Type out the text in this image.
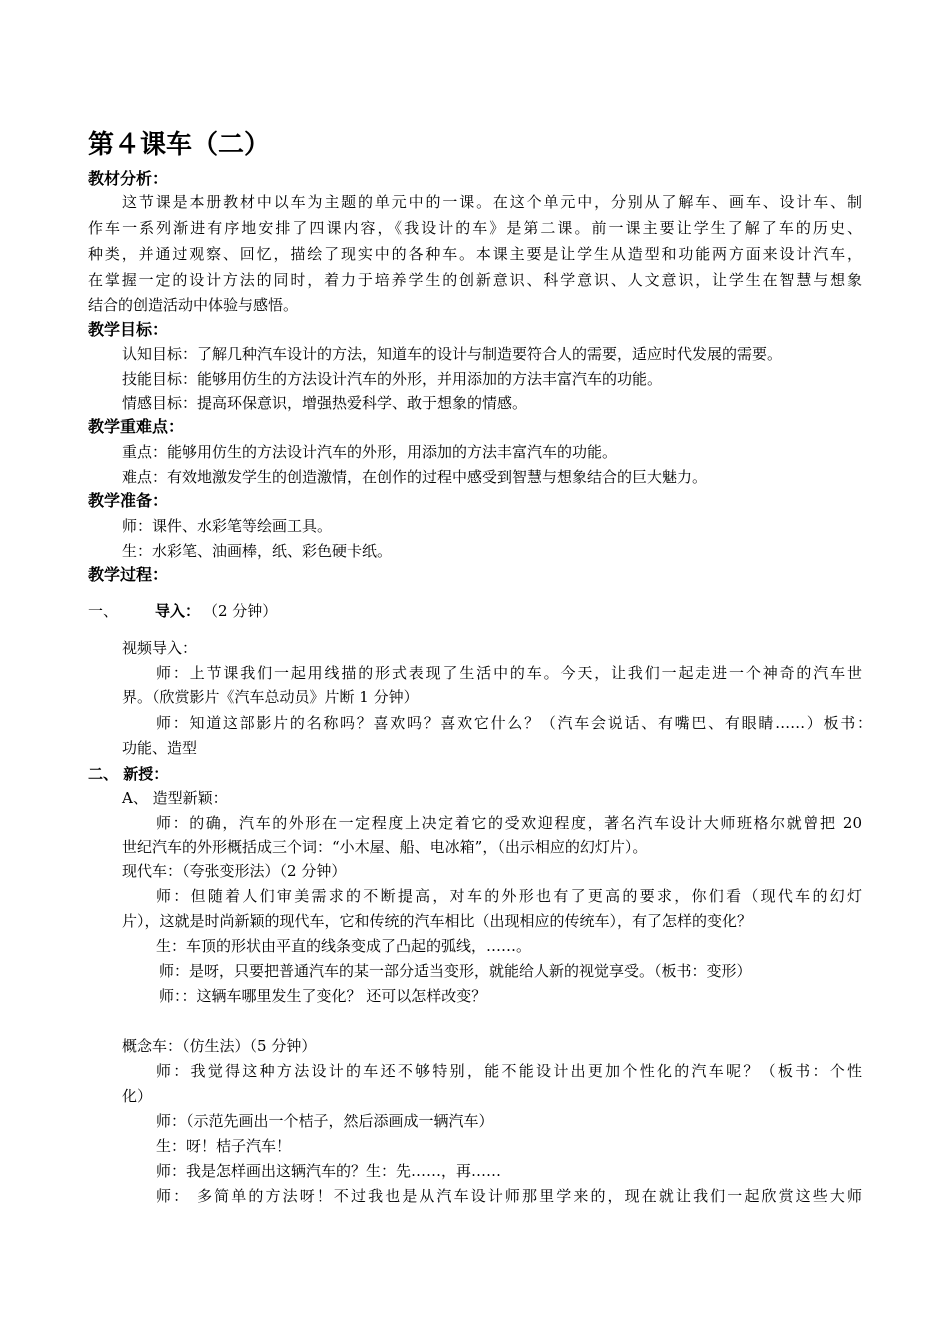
第４课车（二）
教材分析：
这节课是本册教材中以车为主题的单元中的一课。在这个单元中，分别从了解车、画车、设计车、制
作车一系列渐进有序地安排了四课内容，《我设计的车》是第二课。前一课主要让学生了解了车的历史、
种类，并通过观察、回忆，描绘了现实中的各种车。本课主要是让学生从造型和功能两方面来设计汽车，
在掌握一定的设计方法的同时，着力于培养学生的创新意识、科学意识、人文意识，让学生在智慧与想象
结合的创造活动中体验与感悟。
教学目标：
认知目标：了解几种汽车设计的方法，知道车的设计与制造要符合人的需要，适应时代发展的需要。
技能目标：能够用仿生的方法设计汽车的外形，并用添加的方法丰富汽车的功能。
情感目标：提高环保意识，增强热爱科学、敢于想象的情感。
教学重难点：
重点：能够用仿生的方法设计汽车的外形，用添加的方法丰富汽车的功能。
难点：有效地激发学生的创造激情，在创作的过程中感受到智慧与想象结合的巨大魅力。
教学准备：
师：课件、水彩笔等绘画工具。
生：水彩笔、油画棒，纸、彩色硬卡纸。
教学过程：
一、 导入： （2 分钟）
视频导入：
师：上节课我们一起用线描的形式表现了生活中的车。今天，让我们一起走进一个神奇的汽车世
界。（欣赏影片《汽车总动员》片断 1 分钟）
师：知道这部影片的名称吗？喜欢吗？喜欢它什么？（汽车会说话、有嘴巴、有眼睛……）板书：
功能、造型
二、 新授：
A、 造型新颖：
师：的确，汽车的外形在一定程度上决定着它的受欢迎程度，著名汽车设计大师班格尔就曾把 20
世纪汽车的外形概括成三个词：“小木屋、船、电冰箱”，（出示相应的幻灯片）。
现代车：（夸张变形法）（2 分钟）
师：但随着人们审美需求的不断提高，对车的外形也有了更高的要求，你们看（现代车的幻灯
片），这就是时尚新颖的现代车，它和传统的汽车相比（出现相应的传统车），有了怎样的变化？
生：车顶的形状由平直的线条变成了凸起的弧线，……。
师：是呀，只要把普通汽车的某一部分适当变形，就能给人新的视觉享受。（板书：变形）
师：：这辆车哪里发生了变化？ 还可以怎样改变？
概念车：（仿生法）（5 分钟）
师：我觉得这种方法设计的车还不够特别，能不能设计出更加个性化的汽车呢？（板书：个性
化）
师：（示范先画出一个桔子，然后添画成一辆汽车）
生：呀！桔子汽车！
师：我是怎样画出这辆汽车的？生：先……，再……
师： 多简单的方法呀！不过我也是从汽车设计师那里学来的，现在就让我们一起欣赏这些大师
